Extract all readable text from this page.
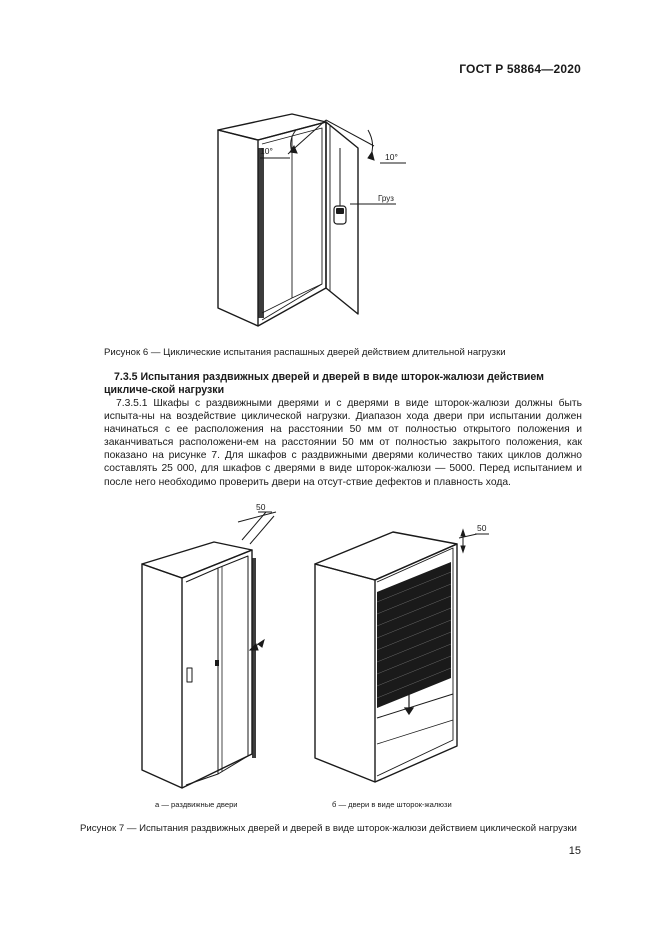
ГОСТ Р 58864—2020
10°
10°
Груз
Рисунок 6 — Циклические испытания распашных дверей действием длительной нагрузки
7.3.5 Испытания раздвижных дверей и дверей в виде шторок-жалюзи действием цикличе-ской нагрузки
7.3.5.1 Шкафы с раздвижными дверями и с дверями в виде шторок-жалюзи должны быть испыта-ны на воздействие циклической нагрузки. Диапазон хода двери при испытании должен начинаться с ее расположения на расстоянии 50 мм от полностью открытого положения и заканчиваться расположени-ем на расстоянии 50 мм от полностью закрытого положения, как показано на рисунке 7. Для шкафов с раздвижными дверями количество таких циклов должно составлять 25 000, для шкафов с дверями в виде шторок-жалюзи — 5000. Перед испытанием и после него необходимо проверить двери на отсут-ствие дефектов и плавность хода.
50
50
а — раздвижные двери	б — двери в виде шторок-жалюзи
Рисунок 7 — Испытания раздвижных дверей и дверей в виде шторок-жалюзи действием циклической нагрузки
15
